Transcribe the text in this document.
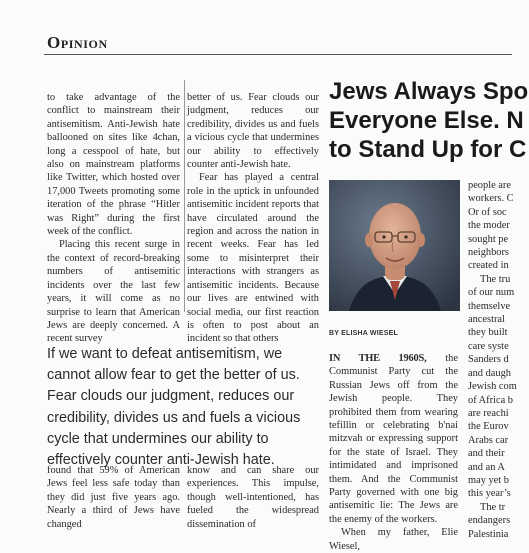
Opinion

to take advantage of the conflict to mainstream their antisemitism. Anti-Jewish hate ballooned on sites like 4chan, long a cesspool of hate, but also on mainstream platforms like Twitter, which hosted over 17,000 Tweets promoting some iteration of the phrase “Hitler was Right” during the first week of the conflict.

Placing this recent surge in the context of record-breaking numbers of antisemitic incidents over the last few years, it will come as no surprise to learn that American Jews are deeply concerned. A recent survey

better of us. Fear clouds our judgment, reduces our credibility, divides us and fuels a vicious cycle that undermines our ability to effectively counter anti-Jewish hate.

Fear has played a central role in the uptick in unfounded antisemitic incident reports that have circulated around the region and across the nation in recent weeks. Fear has led some to misinterpret their interactions with strangers as antisemitic incidents. Because our lives are entwined with social media, our first reaction is often to post about an incident so that others

If we want to defeat antisemitism, we cannot allow fear to get the better of us. Fear clouds our judgment, reduces our credibility, divides us and fuels a vicious cycle that undermines our ability to effectively counter anti-Jewish hate.
found that 59% of American Jews feel less safe today than they did just five years ago. Nearly a third of Jews have changed
know and can share our experiences. This impulse, though well-intentioned, has fueled the widespread dissemination of
Jews Always Spo
Everyone Else. N
to Stand Up for C
BY ELISHA WIESEL

IN THE 1960S, the Communist Party cut the Russian Jews off from the Jewish people. They prohibited them from wearing tefillin or celebrating b'nai mitzvah or expressing support for the state of Israel. They intimidated and imprisoned them. And the Communist Party governed with one big antisemitic lie: The Jews are the enemy of the workers.

When my father, Elie Wiesel,

people are
workers. C
Or of soc
the moder
sought pe
neighbors
created in
The tru
of our num
themselve
ancestral
they built
care syste
Sanders d
and daugh
Jewish com
of Africa b
are reachi
the Eurov
Arabs car
and their
and an A
may yet b
this year’s
The tr
endangers
Palestinia
